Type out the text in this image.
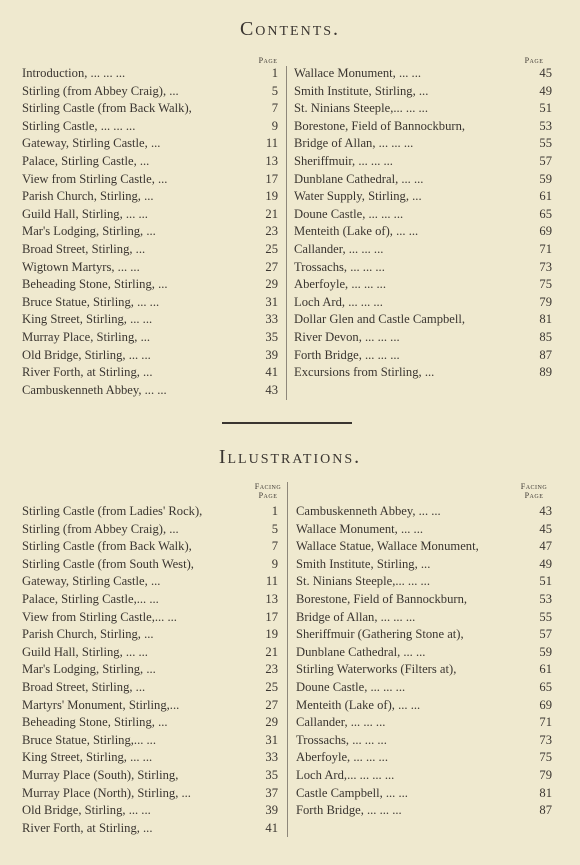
Contents.
Page	Page
Introduction, ... ... ...	1
Stirling (from Abbey Craig), ...	5
Stirling Castle (from Back Walk),	7
Stirling Castle, ... ... ...	9
Gateway, Stirling Castle, ...	11
Palace, Stirling Castle, ...	13
View from Stirling Castle, ...	17
Parish Church, Stirling, ...	19
Guild Hall, Stirling, ... ...	21
Mar's Lodging, Stirling, ...	23
Broad Street, Stirling, ...	25
Wigtown Martyrs, ... ...	27
Beheading Stone, Stirling, ...	29
Bruce Statue, Stirling, ... ...	31
King Street, Stirling, ... ...	33
Murray Place, Stirling, ...	35
Old Bridge, Stirling, ... ...	39
River Forth, at Stirling, ...	41
Cambuskenneth Abbey, ... ...	43
Wallace Monument, ... ...	45
Smith Institute, Stirling, ...	49
St. Ninians Steeple,... ... ...	51
Borestone, Field of Bannockburn,	53
Bridge of Allan, ... ... ...	55
Sheriffmuir, ... ... ...	57
Dunblane Cathedral, ... ...	59
Water Supply, Stirling, ...	61
Doune Castle, ... ... ...	65
Menteith (Lake of), ... ...	69
Callander, ... ... ...	71
Trossachs, ... ... ...	73
Aberfoyle, ... ... ...	75
Loch Ard, ... ... ...	79
Dollar Glen and Castle Campbell,	81
River Devon, ... ... ...	85
Forth Bridge, ... ... ...	87
Excursions from Stirling, ...	89
Illustrations.
Facing
Page
Facing
Page
Stirling Castle (from Ladies' Rock),	1
Stirling (from Abbey Craig), ...	5
Stirling Castle (from Back Walk),	7
Stirling Castle (from South West),	9
Gateway, Stirling Castle, ...	11
Palace, Stirling Castle,... ...	13
View from Stirling Castle,... ...	17
Parish Church, Stirling, ...	19
Guild Hall, Stirling, ... ...	21
Mar's Lodging, Stirling, ...	23
Broad Street, Stirling, ...	25
Martyrs' Monument, Stirling,...	27
Beheading Stone, Stirling, ...	29
Bruce Statue, Stirling,... ...	31
King Street, Stirling, ... ...	33
Murray Place (South), Stirling,	35
Murray Place (North), Stirling, ...	37
Old Bridge, Stirling, ... ...	39
River Forth, at Stirling, ...	41
Cambuskenneth Abbey, ... ...	43
Wallace Monument, ... ...	45
Wallace Statue, Wallace Monument,	47
Smith Institute, Stirling, ...	49
St. Ninians Steeple,... ... ...	51
Borestone, Field of Bannockburn,	53
Bridge of Allan, ... ... ...	55
Sheriffmuir (Gathering Stone at),	57
Dunblane Cathedral, ... ...	59
Stirling Waterworks (Filters at),	61
Doune Castle, ... ... ...	65
Menteith (Lake of), ... ...	69
Callander, ... ... ...	71
Trossachs, ... ... ...	73
Aberfoyle, ... ... ...	75
Loch Ard,... ... ... ...	79
Castle Campbell, ... ...	81
Forth Bridge, ... ... ...	87
